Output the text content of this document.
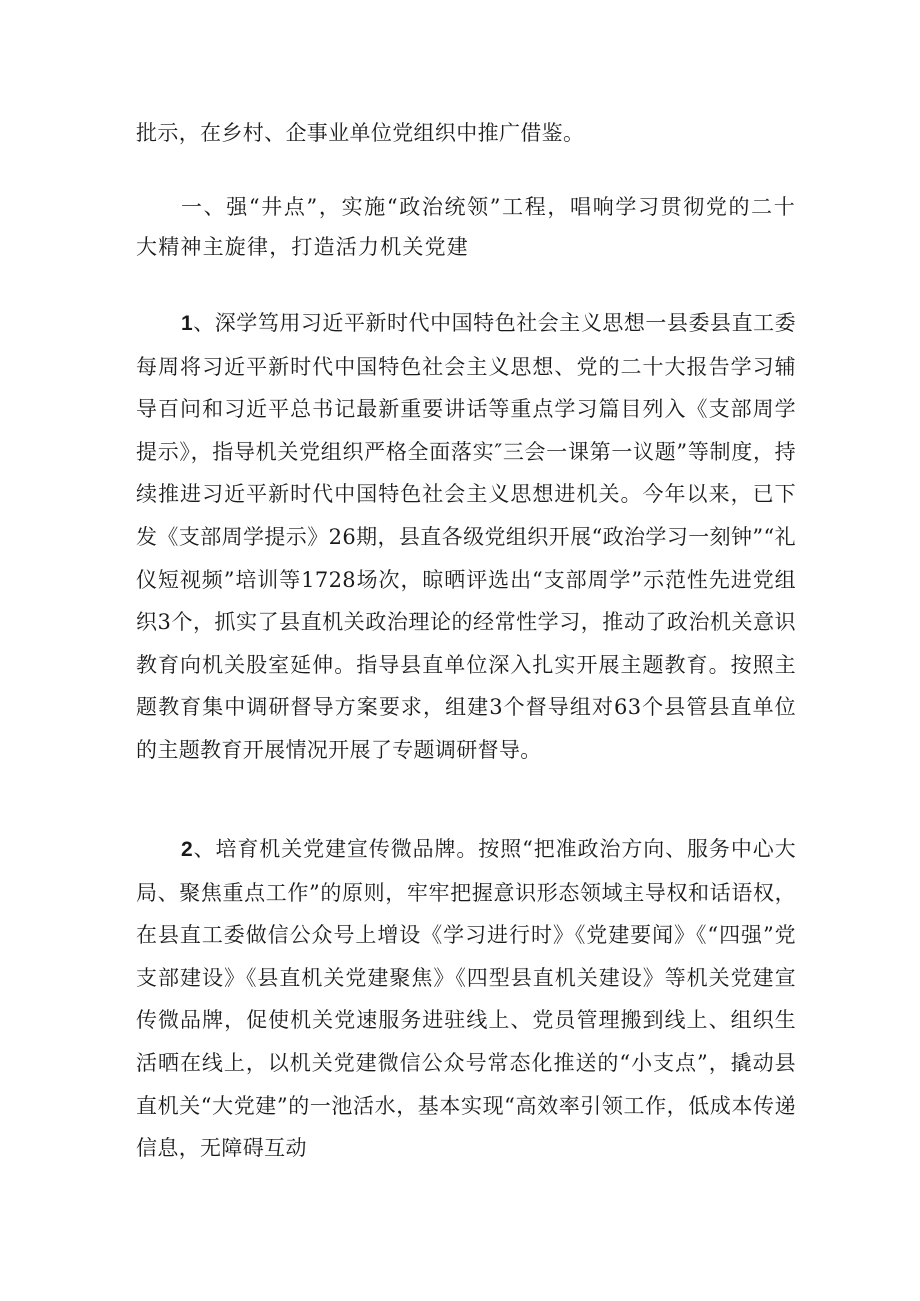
批示，在乡村、企事业单位党组织中推广借鉴。

一、强“井点”，实施“政治统领”工程，唱响学习贯彻党的二十大精神主旋律，打造活力机关党建

1、深学笃用习近平新时代中国特色社会主义思想一县委县直工委每周将习近平新时代中国特色社会主义思想、党的二十大报告学习辅导百问和习近平总书记最新重要讲话等重点学习篇目列入《支部周学提示》，指导机关党组织严格全面落实″三会一课第一议题”等制度，持续推进习近平新时代中国特色社会主义思想进机关。今年以来，已下发《支部周学提示》26期，县直各级党组织开展“政治学习一刻钟”“礼仪短视频”培训等1728场次，晾晒评选出“支部周学”示范性先进党组织3个，抓实了县直机关政治理论的经常性学习，推动了政治机关意识教育向机关股室延伸。指导县直单位深入扎实开展主题教育。按照主题教育集中调研督导方案要求，组建3个督导组对63个县管县直单位的主题教育开展情况开展了专题调研督导。

2、培育机关党建宣传微品牌。按照“把准政治方向、服务中心大局、聚焦重点工作”的原则，牢牢把握意识形态领域主导权和话语权，在县直工委做信公众号上增设《学习进行时》《党建要闻》《“四强”党支部建设》《县直机关党建聚焦》《四型县直机关建设》等机关党建宣传微品牌，促使机关党速服务进驻线上、党员管理搬到线上、组织生活晒在线上，以机关党建微信公众号常态化推送的“小支点”，撬动县直机关“大党建”的一池活水，基本实现“高效率引领工作，低成本传递信息，无障碍互动
